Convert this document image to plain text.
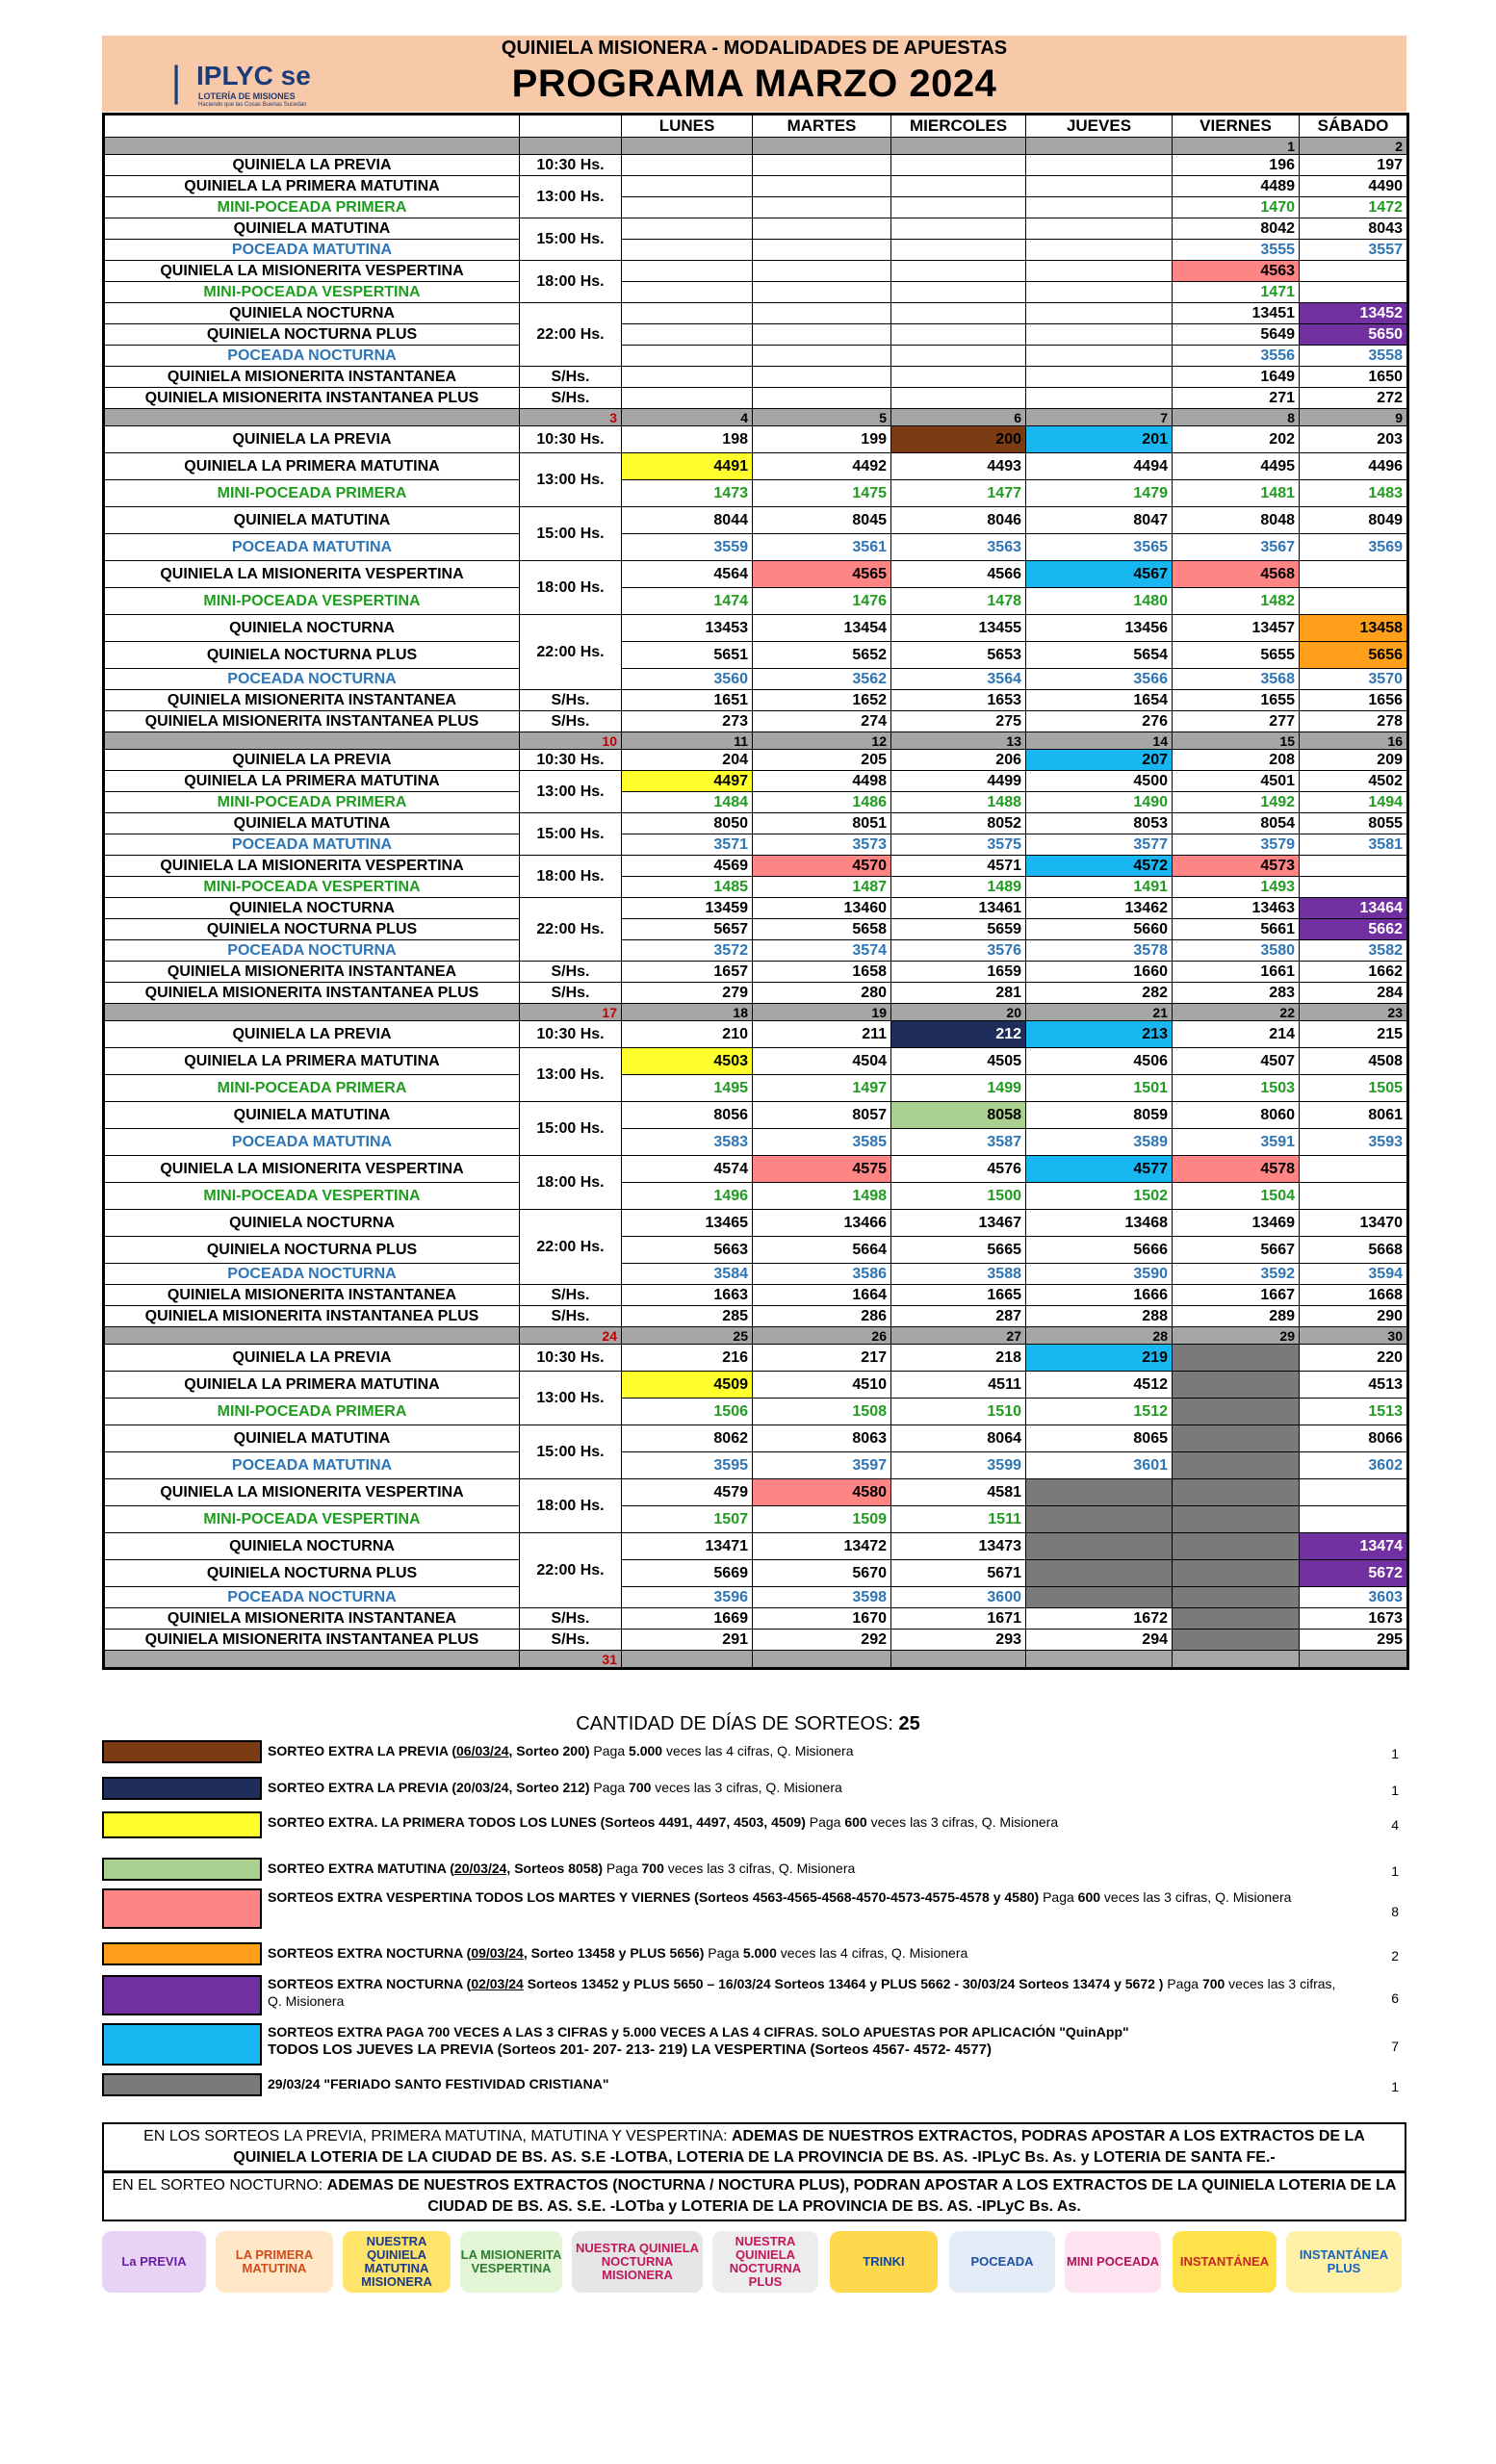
| IPLYC se
LOTERÍA DE MISIONES
Haciendo que las Cosas Buenas Sucedan
QUINIELA MISIONERA - MODALIDADES DE APUESTAS
PROGRAMA MARZO 2024
		LUNES	MARTES	MIERCOLES	JUEVES	VIERNES	SÁBADO
						1	2
QUINIELA LA PREVIA	10:30 Hs.					196	197
QUINIELA LA PRIMERA MATUTINA	13:00 Hs.					4489	4490
MINI-POCEADA PRIMERA						1470	1472
QUINIELA MATUTINA	15:00 Hs.					8042	8043
POCEADA MATUTINA						3555	3557
QUINIELA LA MISIONERITA VESPERTINA	18:00 Hs.					4563	
MINI-POCEADA VESPERTINA						1471	
QUINIELA NOCTURNA	22:00 Hs.					13451	13452
QUINIELA NOCTURNA PLUS						5649	5650
POCEADA NOCTURNA						3556	3558
QUINIELA MISIONERITA INSTANTANEA	S/Hs.					1649	1650
QUINIELA MISIONERITA INSTANTANEA PLUS	S/Hs.					271	272
	3	4	5	6	7	8	9
QUINIELA LA PREVIA	10:30 Hs.	198	199	200	201	202	203
QUINIELA LA PRIMERA MATUTINA	13:00 Hs.	4491	4492	4493	4494	4495	4496
MINI-POCEADA PRIMERA		1473	1475	1477	1479	1481	1483
QUINIELA MATUTINA	15:00 Hs.	8044	8045	8046	8047	8048	8049
POCEADA MATUTINA		3559	3561	3563	3565	3567	3569
QUINIELA LA MISIONERITA VESPERTINA	18:00 Hs.	4564	4565	4566	4567	4568	
MINI-POCEADA VESPERTINA		1474	1476	1478	1480	1482	
QUINIELA NOCTURNA	22:00 Hs.	13453	13454	13455	13456	13457	13458
QUINIELA NOCTURNA PLUS		5651	5652	5653	5654	5655	5656
POCEADA NOCTURNA		3560	3562	3564	3566	3568	3570
QUINIELA MISIONERITA INSTANTANEA	S/Hs.	1651	1652	1653	1654	1655	1656
QUINIELA MISIONERITA INSTANTANEA PLUS	S/Hs.	273	274	275	276	277	278
	10	11	12	13	14	15	16
QUINIELA LA PREVIA	10:30 Hs.	204	205	206	207	208	209
QUINIELA LA PRIMERA MATUTINA	13:00 Hs.	4497	4498	4499	4500	4501	4502
MINI-POCEADA PRIMERA		1484	1486	1488	1490	1492	1494
QUINIELA MATUTINA	15:00 Hs.	8050	8051	8052	8053	8054	8055
POCEADA MATUTINA		3571	3573	3575	3577	3579	3581
QUINIELA LA MISIONERITA VESPERTINA	18:00 Hs.	4569	4570	4571	4572	4573	
MINI-POCEADA VESPERTINA		1485	1487	1489	1491	1493	
QUINIELA NOCTURNA	22:00 Hs.	13459	13460	13461	13462	13463	13464
QUINIELA NOCTURNA PLUS		5657	5658	5659	5660	5661	5662
POCEADA NOCTURNA		3572	3574	3576	3578	3580	3582
QUINIELA MISIONERITA INSTANTANEA	S/Hs.	1657	1658	1659	1660	1661	1662
QUINIELA MISIONERITA INSTANTANEA PLUS	S/Hs.	279	280	281	282	283	284
	17	18	19	20	21	22	23
QUINIELA LA PREVIA	10:30 Hs.	210	211	212	213	214	215
QUINIELA LA PRIMERA MATUTINA	13:00 Hs.	4503	4504	4505	4506	4507	4508
MINI-POCEADA PRIMERA		1495	1497	1499	1501	1503	1505
QUINIELA MATUTINA	15:00 Hs.	8056	8057	8058	8059	8060	8061
POCEADA MATUTINA		3583	3585	3587	3589	3591	3593
QUINIELA LA MISIONERITA VESPERTINA	18:00 Hs.	4574	4575	4576	4577	4578	
MINI-POCEADA VESPERTINA		1496	1498	1500	1502	1504	
QUINIELA NOCTURNA	22:00 Hs.	13465	13466	13467	13468	13469	13470
QUINIELA NOCTURNA PLUS		5663	5664	5665	5666	5667	5668
POCEADA NOCTURNA		3584	3586	3588	3590	3592	3594
QUINIELA MISIONERITA INSTANTANEA	S/Hs.	1663	1664	1665	1666	1667	1668
QUINIELA MISIONERITA INSTANTANEA PLUS	S/Hs.	285	286	287	288	289	290
	24	25	26	27	28	29	30
QUINIELA LA PREVIA	10:30 Hs.	216	217	218	219		220
QUINIELA LA PRIMERA MATUTINA	13:00 Hs.	4509	4510	4511	4512		4513
MINI-POCEADA PRIMERA		1506	1508	1510	1512		1513
QUINIELA MATUTINA	15:00 Hs.	8062	8063	8064	8065		8066
POCEADA MATUTINA		3595	3597	3599	3601		3602
QUINIELA LA MISIONERITA VESPERTINA	18:00 Hs.	4579	4580	4581			
MINI-POCEADA VESPERTINA		1507	1509	1511			
QUINIELA NOCTURNA	22:00 Hs.	13471	13472	13473			13474
QUINIELA NOCTURNA PLUS		5669	5670	5671			5672
POCEADA NOCTURNA		3596	3598	3600			3603
QUINIELA MISIONERITA INSTANTANEA	S/Hs.	1669	1670	1671	1672		1673
QUINIELA MISIONERITA INSTANTANEA PLUS	S/Hs.	291	292	293	294		295
	31						
CANTIDAD DE DÍAS DE SORTEOS: 25
SORTEO EXTRA LA PREVIA (06/03/24, Sorteo 200) Paga 5.000 veces las 4 cifras, Q. Misionera	1
SORTEO EXTRA LA PREVIA (20/03/24, Sorteo 212) Paga 700 veces las 3 cifras, Q. Misionera	1
SORTEO EXTRA. LA PRIMERA TODOS LOS LUNES (Sorteos 4491, 4497, 4503, 4509) Paga 600 veces las 3 cifras, Q. Misionera	4
SORTEO EXTRA MATUTINA (20/03/24, Sorteos 8058) Paga 700 veces las 3 cifras, Q. Misionera	1
SORTEOS EXTRA VESPERTINA TODOS LOS MARTES Y VIERNES (Sorteos 4563-4565-4568-4570-4573-4575-4578 y 4580) Paga 600 veces las 3 cifras, Q. Misionera
8
SORTEOS EXTRA NOCTURNA (09/03/24, Sorteo 13458 y PLUS 5656) Paga 5.000 veces las 4 cifras, Q. Misionera	2
SORTEOS EXTRA NOCTURNA (02/03/24 Sorteos 13452 y PLUS 5650 – 16/03/24 Sorteos 13464 y PLUS 5662 - 30/03/24 Sorteos 13474 y 5672 ) Paga 700 veces las 3 cifras, Q. Misionera	6
SORTEOS EXTRA PAGA 700 VECES A LAS 3 CIFRAS y 5.000 VECES A LAS 4 CIFRAS. SOLO APUESTAS POR APLICACIÓN "QuinApp"
TODOS LOS JUEVES LA PREVIA (Sorteos 201- 207- 213- 219) LA VESPERTINA (Sorteos 4567- 4572- 4577)	7
29/03/24 "FERIADO SANTO FESTIVIDAD CRISTIANA"	1
EN LOS SORTEOS LA PREVIA, PRIMERA MATUTINA, MATUTINA Y VESPERTINA: ADEMAS DE NUESTROS EXTRACTOS, PODRAS APOSTAR A LOS EXTRACTOS DE LA QUINIELA LOTERIA DE LA CIUDAD DE BS. AS. S.E -LOTBA, LOTERIA DE LA PROVINCIA DE BS. AS. -IPLyC Bs. As. y LOTERIA DE SANTA FE.-
EN EL SORTEO NOCTURNO: ADEMAS DE NUESTROS EXTRACTOS (NOCTURNA / NOCTURA PLUS), PODRAN APOSTAR A LOS EXTRACTOS DE LA QUINIELA LOTERIA DE LA CIUDAD DE BS. AS. S.E. -LOTba y LOTERIA DE LA PROVINCIA DE BS. AS. -IPLyC Bs. As.
La PREVIA	LA PRIMERA MATUTINA
NUESTRA QUINIELA MATUTINA MISIONERA
LA MISIONERITA VESPERTINA
NUESTRA QUINIELA NOCTURNA MISIONERA
NUESTRA QUINIELA NOCTURNA PLUS
TRINKI	POCEADA	MINI POCEADA	INSTANTÁNEA	INSTANTÁNEA PLUS
